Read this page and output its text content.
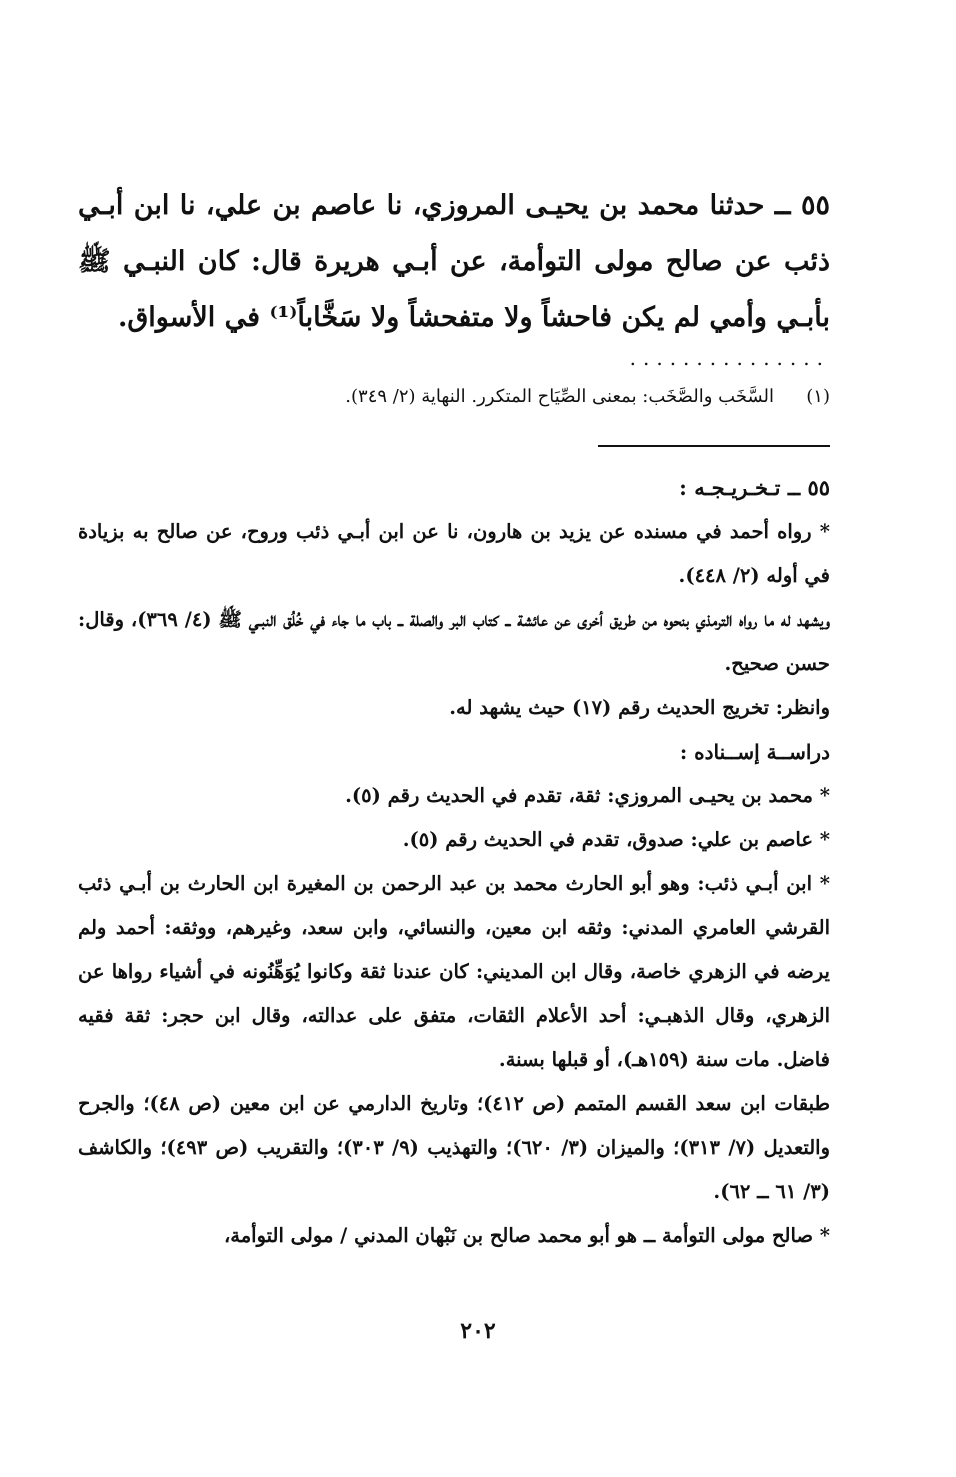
٥٥ ــ حدثنا محمد بن يحيـى المروزي، نا عاصم بن علي، نا ابن أبـي ذئب عن صالح مولى التوأمة، عن أبـي هريرة قال: كان النبـي ﷺ بأبـي وأمي لم يكن فاحشاً ولا متفحشاً ولا سَخَّاباً⁽¹⁾ في الأسواق.

...............
(١)
السَّخَب والصَّخَب: بمعنى الصِّيَاح المتكرر. النهاية (٢/ ٣٤٩).

٥٥ ــ تـخـريـجـه :

* رواه أحمد في مسنده عن يزيد بن هارون، نا عن ابن أبـي ذئب وروح، عن صالح به بزيادة في أوله (٢/ ٤٤٨).

ويشهد له ما رواه الترمذي بنحوه من طريق أخرى عن عائشة ــ كتاب البر والصلة ــ باب ما جاء في خُلُق النبـي ﷺ (٤/ ٣٦٩)، وقال: حسن صحيح.

وانظر: تخريج الحديث رقم (١٧) حيث يشهد له.

دراســة إســناده :

* محمد بن يحيـى المروزي: ثقة، تقدم في الحديث رقم (٥).

* عاصم بن علي: صدوق، تقدم في الحديث رقم (٥).

* ابن أبـي ذئب: وهو أبو الحارث محمد بن عبد الرحمن بن المغيرة ابن الحارث بن أبـي ذئب القرشي العامري المدني: وثقه ابن معين، والنسائي، وابن سعد، وغيرهم، ووثقه: أحمد ولم يرضه في الزهري خاصة، وقال ابن المديني: كان عندنا ثقة وكانوا يُوَهِّنُونه في أشياء رواها عن الزهري، وقال الذهبـي: أحد الأعلام الثقات، متفق على عدالته، وقال ابن حجر: ثقة فقيه فاضل. مات سنة (١٥٩هـ)، أو قبلها بسنة.

طبقات ابن سعد القسم المتمم (ص ٤١٢)؛ وتاريخ الدارمي عن ابن معين (ص ٤٨)؛ والجرح والتعديل (٧/ ٣١٣)؛ والميزان (٣/ ٦٢٠)؛ والتهذيب (٩/ ٣٠٣)؛ والتقريب (ص ٤٩٣)؛ والكاشف (٣/ ٦١ ــ ٦٢).

* صالح مولى التوأمة ــ هو أبو محمد صالح بن نَبْهان المدني / مولى التوأمة،

٢٠٢
